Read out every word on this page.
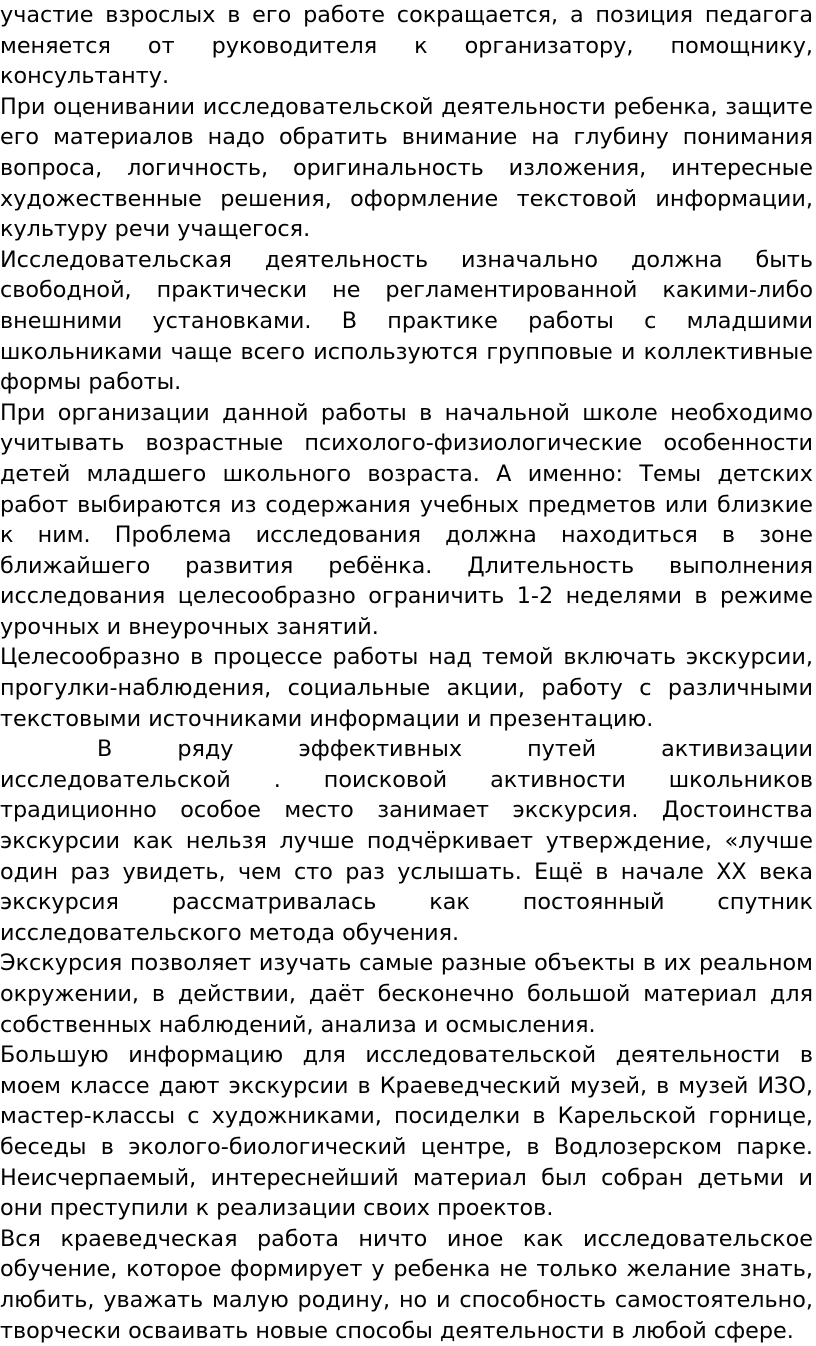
участие взрослых в его работе сокращается, а позиция педагога меняется от руководителя к организатору, помощнику, консультанту.

При оценивании исследовательской деятельности ребенка, защите его материалов надо обратить внимание на глубину понимания вопроса, логичность, оригинальность изложения, интересные художественные решения, оформление текстовой информации, культуру речи учащегося.

Исследовательская деятельность изначально должна быть свободной, практически не регламентированной какими-либо внешними установками. В практике работы с младшими школьниками чаще всего используются групповые и коллективные формы работы.

При организации данной работы в начальной школе необходимо учитывать возрастные психолого-физиологические особенности детей младшего школьного возраста. А именно: Темы детских работ выбираются из содержания учебных предметов или близкие к ним. Проблема исследования должна находиться в зоне ближайшего развития ребёнка. Длительность выполнения исследования целесообразно ограничить 1-2 неделями в режиме урочных и внеурочных занятий.

Целесообразно в процессе работы над темой включать экскурсии, прогулки-наблюдения, социальные акции, работу с различными текстовыми источниками информации и презентацию.

В ряду эффективных путей активизации исследовательской . поисковой активности школьников традиционно особое место занимает экскурсия. Достоинства экскурсии как нельзя лучше подчёркивает утверждение, «лучше один раз увидеть, чем сто раз услышать. Ещё в начале XX века экскурсия рассматривалась как постоянный спутник исследовательского метода обучения.

Экскурсия позволяет изучать самые разные объекты в их реальном окружении, в действии, даёт бесконечно большой материал для собственных наблюдений, анализа и осмысления.

Большую информацию для исследовательской деятельности в моем классе дают экскурсии в Краеведческий музей, в музей ИЗО, мастер-классы с художниками, посиделки в Карельской горнице, беседы в эколого-биологический центре, в Водлозерском парке. Неисчерпаемый, интереснейший материал был собран детьми и они преступили к реализации своих проектов.

Вся краеведческая работа ничто иное как исследовательское обучение, которое формирует у ребенка не только желание знать, любить, уважать малую родину, но и способность самостоятельно, творчески осваивать новые способы деятельности в любой сфере.
